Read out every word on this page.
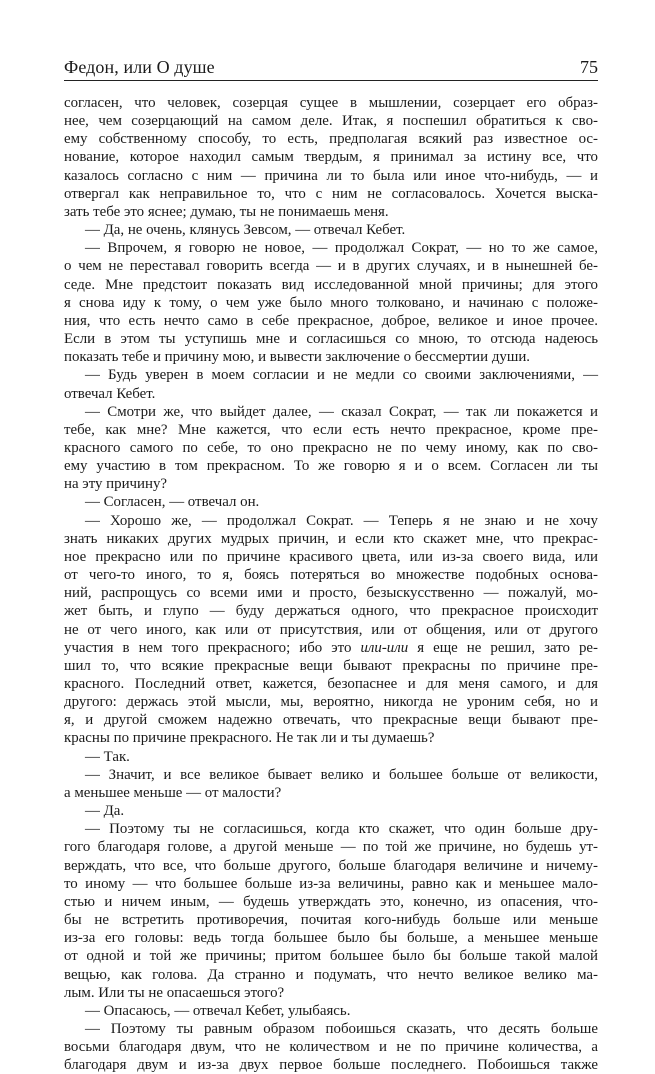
Федон, или О душе	75
согласен, что человек, созерцая сущее в мышлении, созерцает его образ-
нее, чем созерцающий на самом деле. Итак, я поспешил обратиться к сво-
ему собственному способу, то есть, предполагая всякий раз известное ос-
нование, которое находил самым твердым, я принимал за истину все, что
казалось согласно с ним — причина ли то была или иное что-нибудь, — и
отвергал как неправильное то, что с ним не согласовалось. Хочется выска-
зать тебе это яснее; думаю, ты не понимаешь меня.
— Да, не очень, клянусь Зевсом, — отвечал Кебет.
— Впрочем, я говорю не новое, — продолжал Сократ, — но то же самое,
о чем не переставал говорить всегда — и в других случаях, и в нынешней бе-
седе. Мне предстоит показать вид исследованной мной причины; для этого
я снова иду к тому, о чем уже было много толковано, и начинаю с положе-
ния, что есть нечто само в себе прекрасное, доброе, великое и иное прочее.
Если в этом ты уступишь мне и согласишься со мною, то отсюда надеюсь
показать тебе и причину мою, и вывести заключение о бессмертии души.
— Будь уверен в моем согласии и не медли со своими заключениями, —
отвечал Кебет.
— Смотри же, что выйдет далее, — сказал Сократ, — так ли покажется и
тебе, как мне? Мне кажется, что если есть нечто прекрасное, кроме пре-
красного самого по себе, то оно прекрасно не по чему иному, как по сво-
ему участию в том прекрасном. То же говорю я и о всем. Согласен ли ты
на эту причину?
— Согласен, — отвечал он.
— Хорошо же, — продолжал Сократ. — Теперь я не знаю и не хочу
знать никаких других мудрых причин, и если кто скажет мне, что прекрас-
ное прекрасно или по причине красивого цвета, или из-за своего вида, или
от чего-то иного, то я, боясь потеряться во множестве подобных основа-
ний, распрощусь со всеми ими и просто, безыскусственно — пожалуй, мо-
жет быть, и глупо — буду держаться одного, что прекрасное происходит
не от чего иного, как или от присутствия, или от общения, или от другого
участия в нем того прекрасного; ибо это или-или я еще не решил, зато ре-
шил то, что всякие прекрасные вещи бывают прекрасны по причине пре-
красного. Последний ответ, кажется, безопаснее и для меня самого, и для
другого: держась этой мысли, мы, вероятно, никогда не уроним себя, но и
я, и другой сможем надежно отвечать, что прекрасные вещи бывают пре-
красны по причине прекрасного. Не так ли и ты думаешь?
— Так.
— Значит, и все великое бывает велико и большее больше от великости,
а меньшее меньше — от малости?
— Да.
— Поэтому ты не согласишься, когда кто скажет, что один больше дру-
гого благодаря голове, а другой меньше — по той же причине, но будешь ут-
верждать, что все, что больше другого, больше благодаря величине и ничему-
то иному — что большее больше из-за величины, равно как и меньшее мало-
стью и ничем иным, — будешь утверждать это, конечно, из опасения, что-
бы не встретить противоречия, почитая кого-нибудь больше или меньше
из-за его головы: ведь тогда большее было бы больше, а меньшее меньше
от одной и той же причины; притом большее было бы больше такой малой
вещью, как голова. Да странно и подумать, что нечто великое велико ма-
лым. Или ты не опасаешься этого?
— Опасаюсь, — отвечал Кебет, улыбаясь.
— Поэтому ты равным образом побоишься сказать, что десять больше
восьми благодаря двум, что не количеством и не по причине количества, а
благодаря двум и из-за двух первое больше последнего. Побоишься также
